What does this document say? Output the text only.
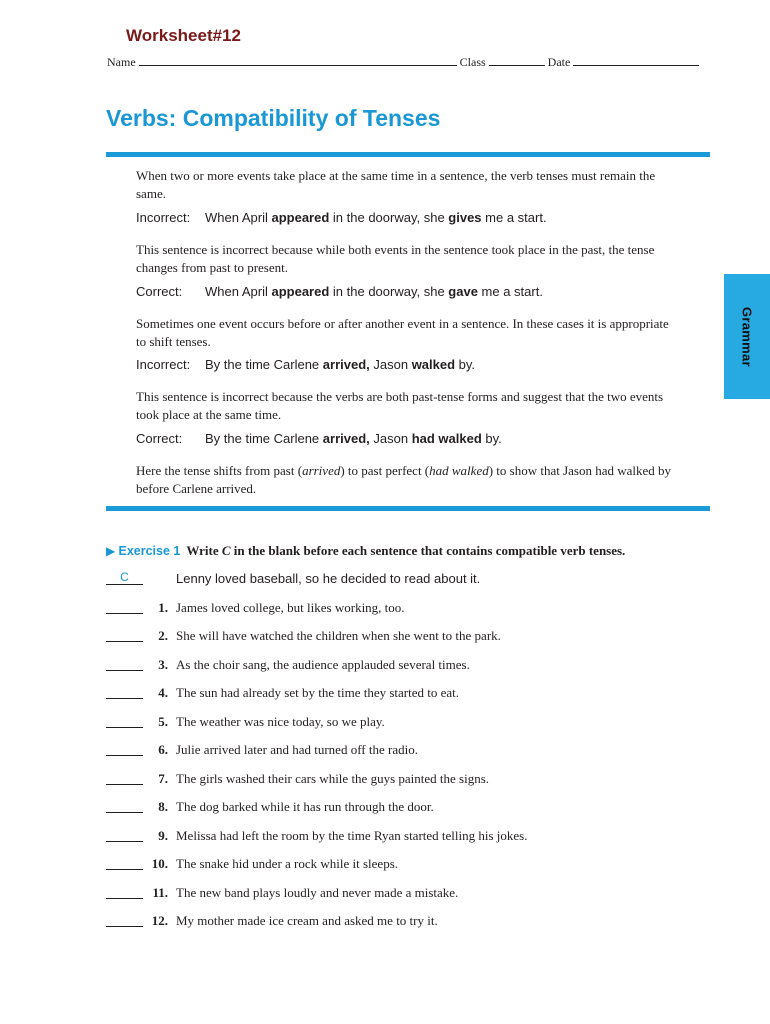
Worksheet#12
Name	Class	Date
Verbs: Compatibility of Tenses
Grammar
When two or more events take place at the same time in a sentence, the verb tenses must remain the same.
Incorrect: When April appeared in the doorway, she gives me a start.
This sentence is incorrect because while both events in the sentence took place in the past, the tense changes from past to present.
Correct: When April appeared in the doorway, she gave me a start.
Sometimes one event occurs before or after another event in a sentence. In these cases it is appropriate to shift tenses.
Incorrect: By the time Carlene arrived, Jason walked by.
This sentence is incorrect because the verbs are both past-tense forms and suggest that the two events took place at the same time.
Correct: By the time Carlene arrived, Jason had walked by.
Here the tense shifts from past (arrived) to past perfect (had walked) to show that Jason had walked by before Carlene arrived.
▶ Exercise 1 Write C in the blank before each sentence that contains compatible verb tenses.
C	Lenny loved baseball, so he decided to read about it.
1. James loved college, but likes working, too.
2. She will have watched the children when she went to the park.
3. As the choir sang, the audience applauded several times.
4. The sun had already set by the time they started to eat.
5. The weather was nice today, so we play.
6. Julie arrived later and had turned off the radio.
7. The girls washed their cars while the guys painted the signs.
8. The dog barked while it has run through the door.
9. Melissa had left the room by the time Ryan started telling his jokes.
10. The snake hid under a rock while it sleeps.
11. The new band plays loudly and never made a mistake.
12. My mother made ice cream and asked me to try it.
